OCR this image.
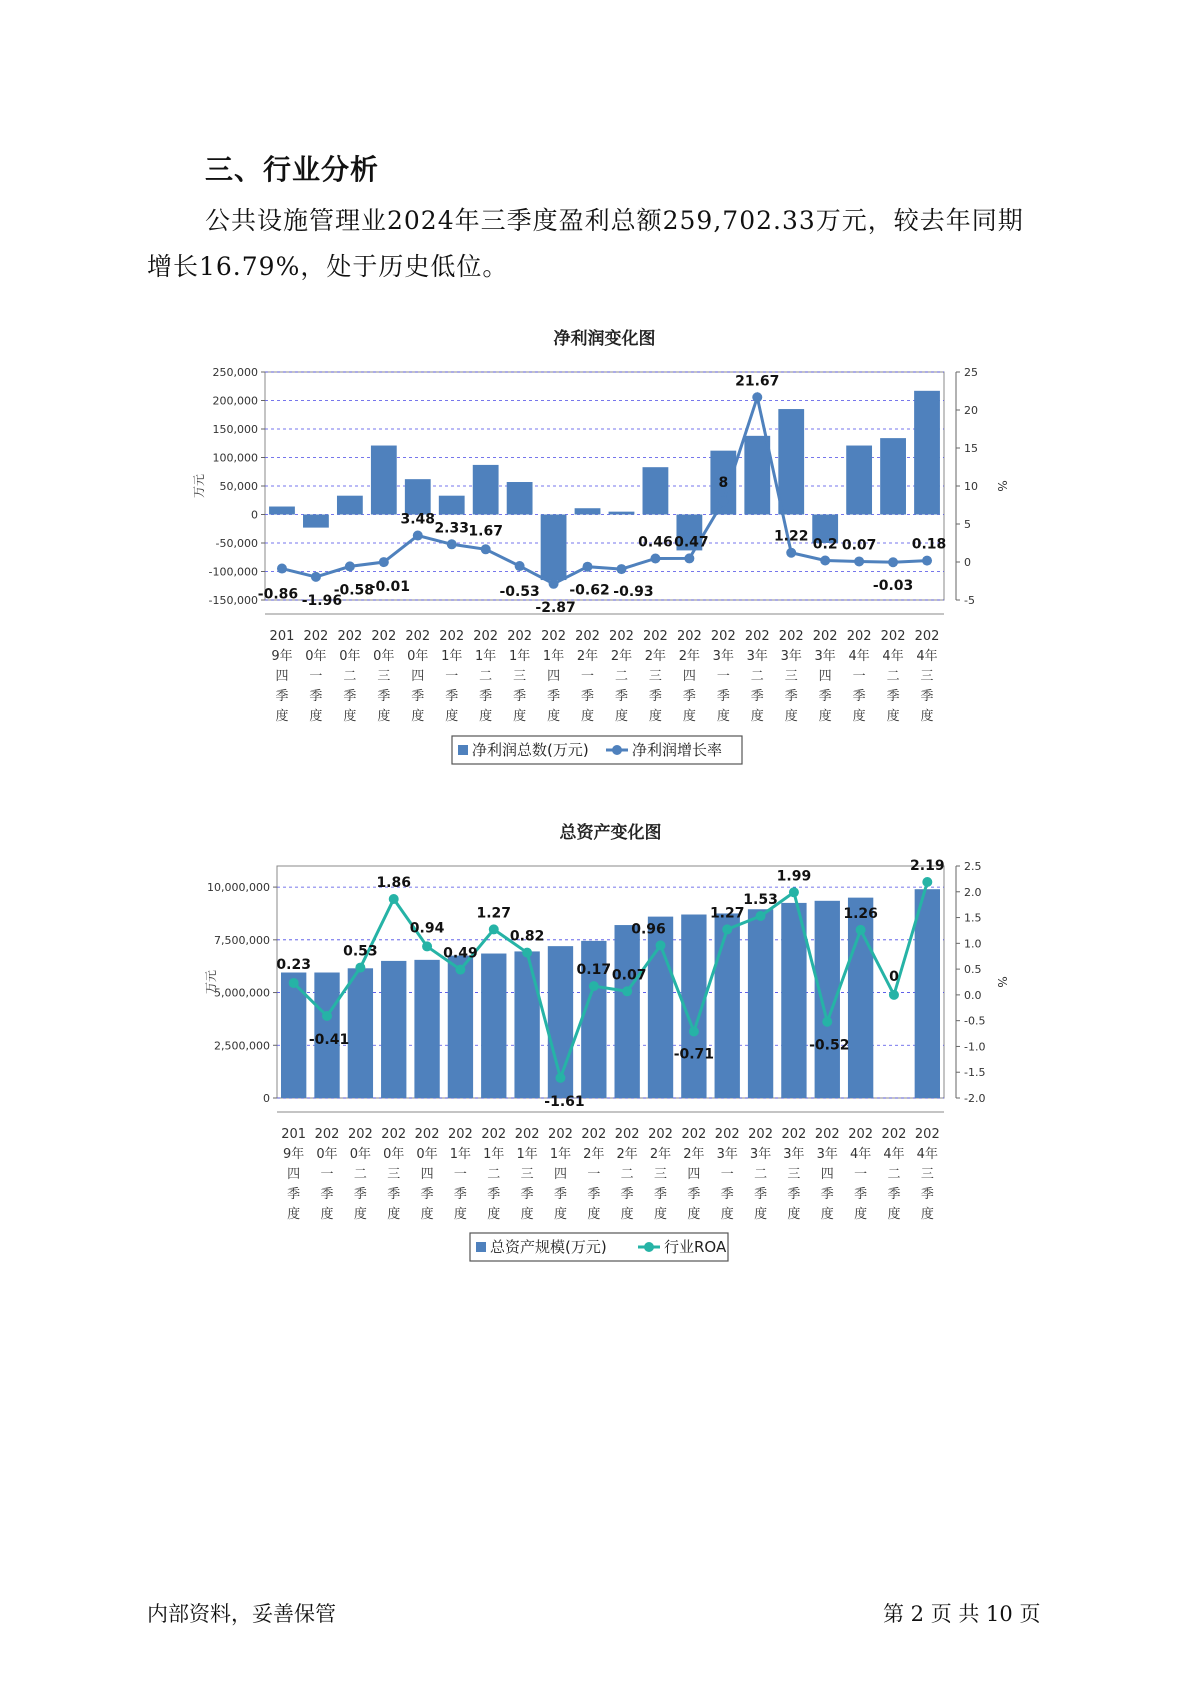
三、行业分析
公共设施管理业2024年三季度盈利总额259,702.33万元，较去年同期增长16.79%，处于历史低位。
净利润变化图
250,000
200,000
150,000
100,000
50,000
0
-50,000
-100,000
-150,000
25
20
15
10
5
0
-5
万元	%
-0.86 -1.96
-0.58
-0.01
3.48
2.33 1.67
-0.53
-2.87
-0.62 -0.93
0.46 0.47
8
21.67
1.22 0.2 0.07
-0.03
0.18
201
9年
四
季
度
202
0年
一
季
度
202
0年
二
季
度
202
0年
三
季
度
202
0年
四
季
度
202
1年
一
季
度
202
1年
二
季
度
202
1年
三
季
度
202
1年
四
季
度
202
2年
一
季
度
202
2年
二
季
度
202
2年
三
季
度
202
2年
四
季
度
202
3年
一
季
度
202
3年
二
季
度
202
3年
三
季
度
202
3年
四
季
度
202
4年
一
季
度
202
4年
二
季
度
202
4年
三
季
度
净利润总数(万元)	净利润增长率
总资产变化图
10,000,000
7,500,000
5,000,000
2,500,000
0
2.5
2.0
1.5
1.0
0.5
0.0
-0.5
-1.0
-1.5
-2.0
万元	%
0.23
-0.41
0.53
1.86
0.94
0.49
1.27
0.82
-1.61
0.17 0.07
0.96
-0.71
1.27
1.53
1.99
-0.52
1.26
0
2.19
201
9年
四
季
度
202
0年
一
季
度
202
0年
二
季
度
202
0年
三
季
度
202
0年
四
季
度
202
1年
一
季
度
202
1年
二
季
度
202
1年
三
季
度
202
1年
四
季
度
202
2年
一
季
度
202
2年
二
季
度
202
2年
三
季
度
202
2年
四
季
度
202
3年
一
季
度
202
3年
二
季
度
202
3年
三
季
度
202
3年
四
季
度
202
4年
一
季
度
202
4年
二
季
度
202
4年
三
季
度
总资产规模(万元)	行业ROA
内部资料，妥善保管	第 2 页 共 10 页
